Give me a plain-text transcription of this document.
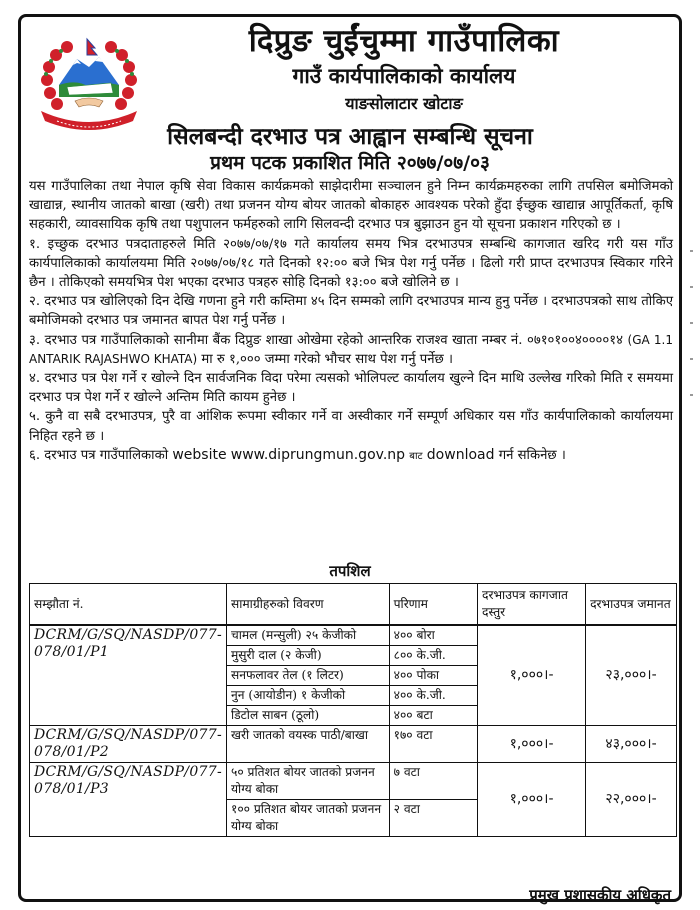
दिप्रुङ चुईंचुम्मा गाउँपालिका
गाउँ कार्यपालिकाको कार्यालय
याङसोलाटार खोटाङ
सिलबन्दी दरभाउ पत्र आह्वान सम्बन्धि सूचना
प्रथम पटक प्रकाशित मिति २०७७/०७/०३

यस गाउँपालिका तथा नेपाल कृषि सेवा विकास कार्यक्रमको साझेदारीमा सञ्चालन हुने निम्न कार्यक्रमहरुका लागि तपसिल बमोजिमको खाद्यान्न, स्थानीय जातको बाखा (खरी) तथा प्रजनन योग्य बोयर जातको बोकाहरु आवश्यक परेको हुँदा ईच्छुक खाद्यान्न आपूर्तिकर्ता, कृषि सहकारी, व्यावसायिक कृषि तथा पशुपालन फर्महरुको लागि सिलवन्दी दरभाउ पत्र बुझाउन हुन यो सूचना प्रकाशन गरिएको छ ।

१. इच्छुक दरभाउ पत्रदाताहरुले मिति २०७७/०७/१७ गते कार्यालय समय भित्र दरभाउपत्र सम्बन्धि कागजात खरिद गरी यस गाँउ कार्यपालिकाको कार्यालयमा मिति २०७७/०७/१८ गते दिनको १२:०० बजे भित्र पेश गर्नु पर्नेछ । ढिलो गरी प्राप्त दरभाउपत्र स्विकार गरिने छैन । तोकिएको समयभित्र पेश भएका दरभाउ पत्रहरु सोहि दिनको १३:०० बजे खोलिने छ ।

२. दरभाउ पत्र खोलिएको दिन देखि गणना हुने गरी कम्तिमा ४५ दिन सम्मको लागि दरभाउपत्र मान्य हुनु पर्नेछ । दरभाउपत्रको साथ तोकिए बमोजिमको दरभाउ पत्र जमानत बापत पेश गर्नु पर्नेछ ।

३. दरभाउ पत्र गाउँपालिकाको सानीमा बैंक दिप्रुङ शाखा ओखेमा रहेको आन्तरिक राजश्व खाता नम्बर नं. ०७१०१००४००००१४ (GA 1.1 ANTARIK RAJASHWO KHATA) मा रु १,००० जम्मा गरेको भौचर साथ पेश गर्नु पर्नेछ ।

४. दरभाउ पत्र पेश गर्ने र खोल्ने दिन सार्वजनिक विदा परेमा त्यसको भोलिपल्ट कार्यालय खुल्ने दिन माथि उल्लेख गरिको मिति र समयमा दरभाउ पत्र पेश गर्ने र खोल्ने अन्तिम मिति कायम हुनेछ ।

५. कुनै वा सबै दरभाउपत्र, पुरै वा आंशिक रूपमा स्वीकार गर्ने वा अस्वीकार गर्ने सम्पूर्ण अधिकार यस गाँउ कार्यपालिकाको कार्यालयमा निहित रहने छ ।

६. दरभाउ पत्र गाउँपालिकाको website www.diprungmun.gov.np बाट download गर्न सकिनेछ ।

तपशिल
सम्झौता नं.	सामाग्रीहरुको विवरण	परिणाम	दरभाउपत्र कागजात दस्तुर	दरभाउपत्र जमानत
DCRM/G/SQ/NASDP/077-078/01/P1	चामल (मन्सुली) २५ केजीको	४०० बोरा	१,०००।-	२३,०००।-
	मुसुरी दाल (२ केजी)	८०० के.जी.		
	सनफलावर तेल (१ लिटर)	४०० पोका		
	नुन (आयोडीन) १ केजीको	४०० के.जी.		
	डिटोल साबन (ठूलो)	४०० बटा		
DCRM/G/SQ/NASDP/077-078/01/P2	खरी जातको वयस्क पाठी/बाखा	१७० वटा	१,०००।-	४३,०००।-
DCRM/G/SQ/NASDP/077-078/01/P3	५० प्रतिशत बोयर जातको प्रजनन योग्य बोका	७ वटा	१,०००।-	२२,०००।-
	१०० प्रतिशत बोयर जातको प्रजनन योग्य बोका	२ वटा		
प्रमुख प्रशासकीय अधिकृत
